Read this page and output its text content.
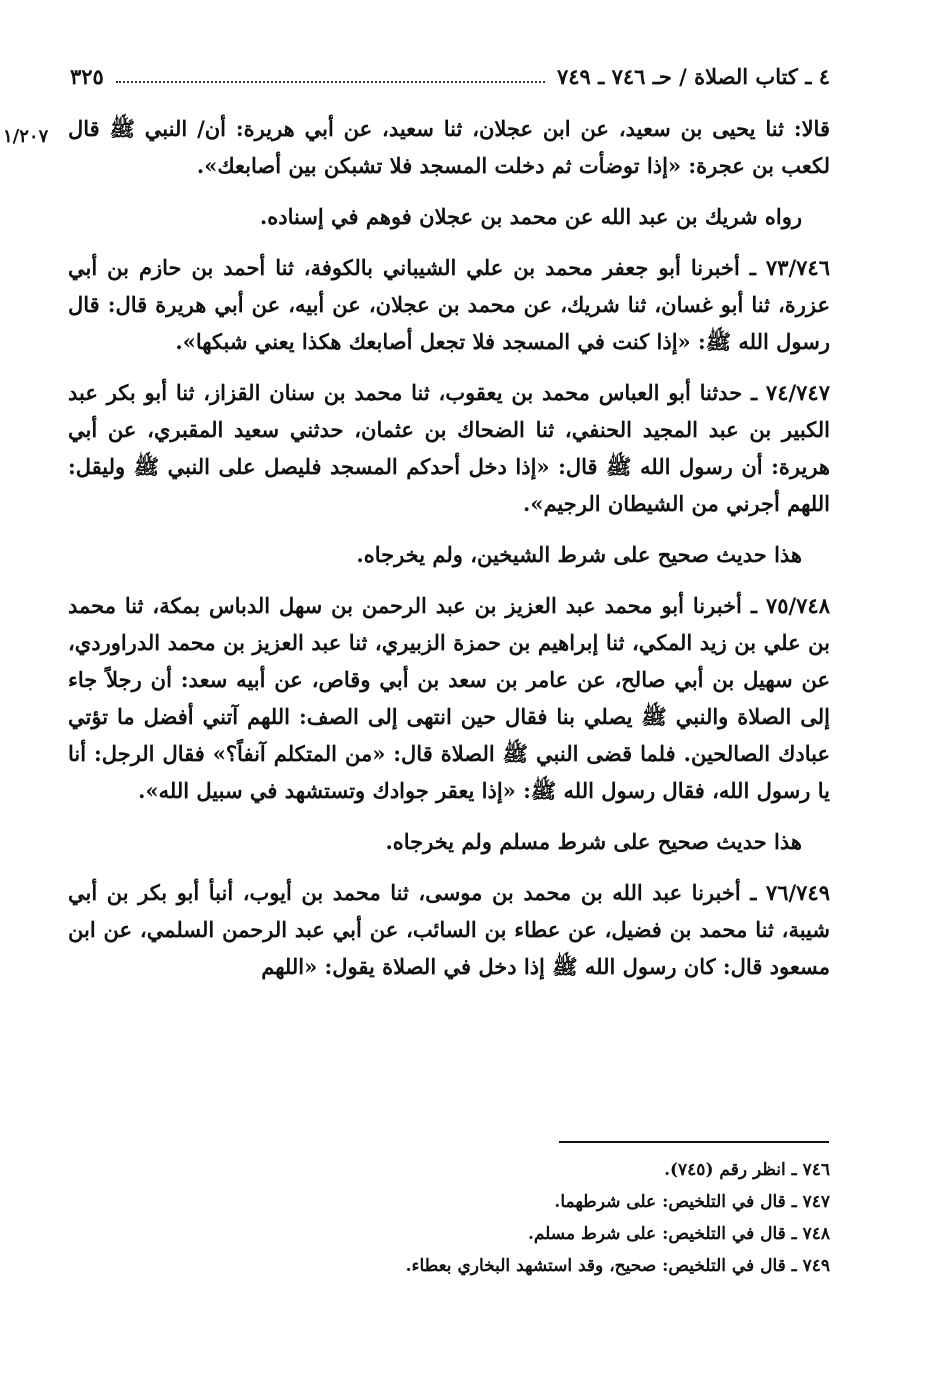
٤ ـ كتاب الصلاة / حـ ٧٤٦ ـ ٧٤٩
٣٢٥
١/٢٠٧ قالا: ثنا يحيى بن سعيد، عن ابن عجلان، ثنا سعيد، عن أبي هريرة: أن/ النبي ﷺ قال لكعب بن عجرة: «إذا توضأت ثم دخلت المسجد فلا تشبكن بين أصابعك».

رواه شريك بن عبد الله عن محمد بن عجلان فوهم في إسناده.

٧٣/٧٤٦ ـ أخبرنا أبو جعفر محمد بن علي الشيباني بالكوفة، ثنا أحمد بن حازم بن أبي عزرة، ثنا أبو غسان، ثنا شريك، عن محمد بن عجلان، عن أبيه، عن أبي هريرة قال: قال رسول الله ﷺ: «إذا كنت في المسجد فلا تجعل أصابعك هكذا يعني شبكها».

٧٤/٧٤٧ ـ حدثنا أبو العباس محمد بن يعقوب، ثنا محمد بن سنان القزاز، ثنا أبو بكر عبد الكبير بن عبد المجيد الحنفي، ثنا الضحاك بن عثمان، حدثني سعيد المقبري، عن أبي هريرة: أن رسول الله ﷺ قال: «إذا دخل أحدكم المسجد فليصل على النبي ﷺ وليقل: اللهم أجرني من الشيطان الرجيم».

هذا حديث صحيح على شرط الشيخين، ولم يخرجاه.

٧٥/٧٤٨ ـ أخبرنا أبو محمد عبد العزيز بن عبد الرحمن بن سهل الدباس بمكة، ثنا محمد بن علي بن زيد المكي، ثنا إبراهيم بن حمزة الزبيري، ثنا عبد العزيز بن محمد الدراوردي، عن سهيل بن أبي صالح، عن عامر بن سعد بن أبي وقاص، عن أبيه سعد: أن رجلاً جاء إلى الصلاة والنبي ﷺ يصلي بنا فقال حين انتهى إلى الصف: اللهم آتني أفضل ما تؤتي عبادك الصالحين. فلما قضى النبي ﷺ الصلاة قال: «من المتكلم آنفاً؟» فقال الرجل: أنا يا رسول الله، فقال رسول الله ﷺ: «إذا يعقر جوادك وتستشهد في سبيل الله».

هذا حديث صحيح على شرط مسلم ولم يخرجاه.

٧٦/٧٤٩ ـ أخبرنا عبد الله بن محمد بن موسى، ثنا محمد بن أيوب، أنبأ أبو بكر بن أبي شيبة، ثنا محمد بن فضيل، عن عطاء بن السائب، عن أبي عبد الرحمن السلمي، عن ابن مسعود قال: كان رسول الله ﷺ إذا دخل في الصلاة يقول: «اللهم

٧٤٦ ـ انظر رقم (٧٤٥).
٧٤٧ ـ قال في التلخيص: على شرطهما.
٧٤٨ ـ قال في التلخيص: على شرط مسلم.
٧٤٩ ـ قال في التلخيص: صحيح، وقد استشهد البخاري بعطاء.
